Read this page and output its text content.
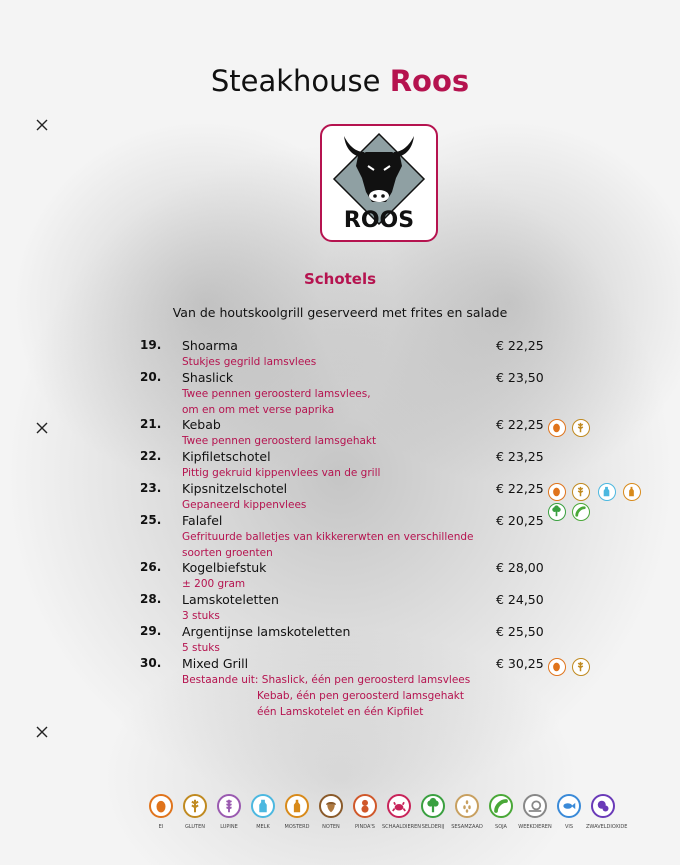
Steakhouse Roos
ROOS
Schotels
Van de houtskoolgrill geserveerd met frites en salade
19. Shoarma	€ 22,25
Stukjes gegrild lamsvlees
20. Shaslick	€ 23,50
Twee pennen geroosterd lamsvlees,
om en om met verse paprika
21. Kebab	€ 22,25
Twee pennen geroosterd lamsgehakt
22. Kipfiletschotel	€ 23,25
Pittig gekruid kippenvlees van de grill
23. Kipsnitzelschotel	€ 22,25
Gepaneerd kippenvlees
25. Falafel	€ 20,25
Gefrituurde balletjes van kikkererwten en verschillende
soorten groenten
26. Kogelbiefstuk	€ 28,00
± 200 gram
28. Lamskoteletten	€ 24,50
3 stuks
29. Argentijnse lamskoteletten	€ 25,50
5 stuks
30. Mixed Grill	€ 30,25
Bestaande uit: Shaslick, één pen geroosterd lamsvlees
Kebab, één pen geroosterd lamsgehakt
één Lamskotelet en één Kipfilet
EI	GLUTEN	LUPINE	MELK	MOSTERD	NOTEN	PINDA'S	SCHAALDIEREN SELDERIJ	SESAMZAAD	SOJA	WEEKDIEREN	VIS	ZWAVELDIOXIDE
